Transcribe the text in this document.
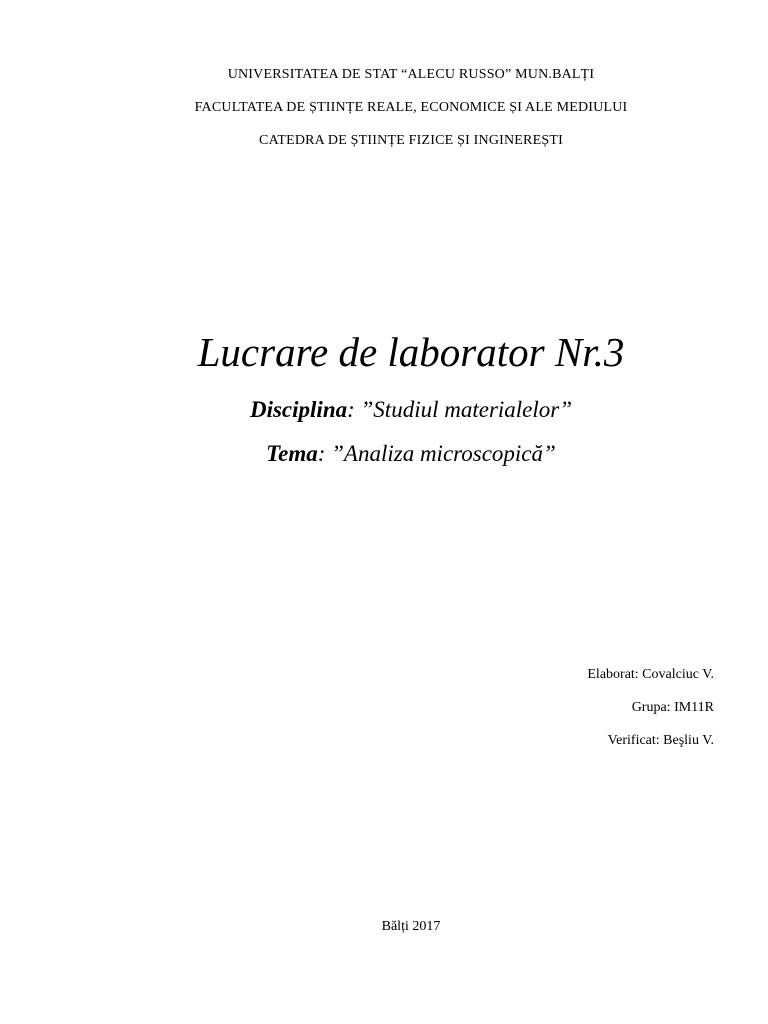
UNIVERSITATEA DE STAT “ALECU RUSSO” MUN.BALȚI
FACULTATEA DE ȘTIINȚE REALE, ECONOMICE ȘI ALE MEDIULUI
CATEDRA DE ȘTIINȚE FIZICE ȘI INGINEREȘTI
Lucrare de laborator Nr.3
Disciplina: ”Studiul materialelor”
Tema: ”Analiza microscopică”
Elaborat: Covalciuc V.
Grupa: IM11R
Verificat: Beşliu V.
Bălți 2017
